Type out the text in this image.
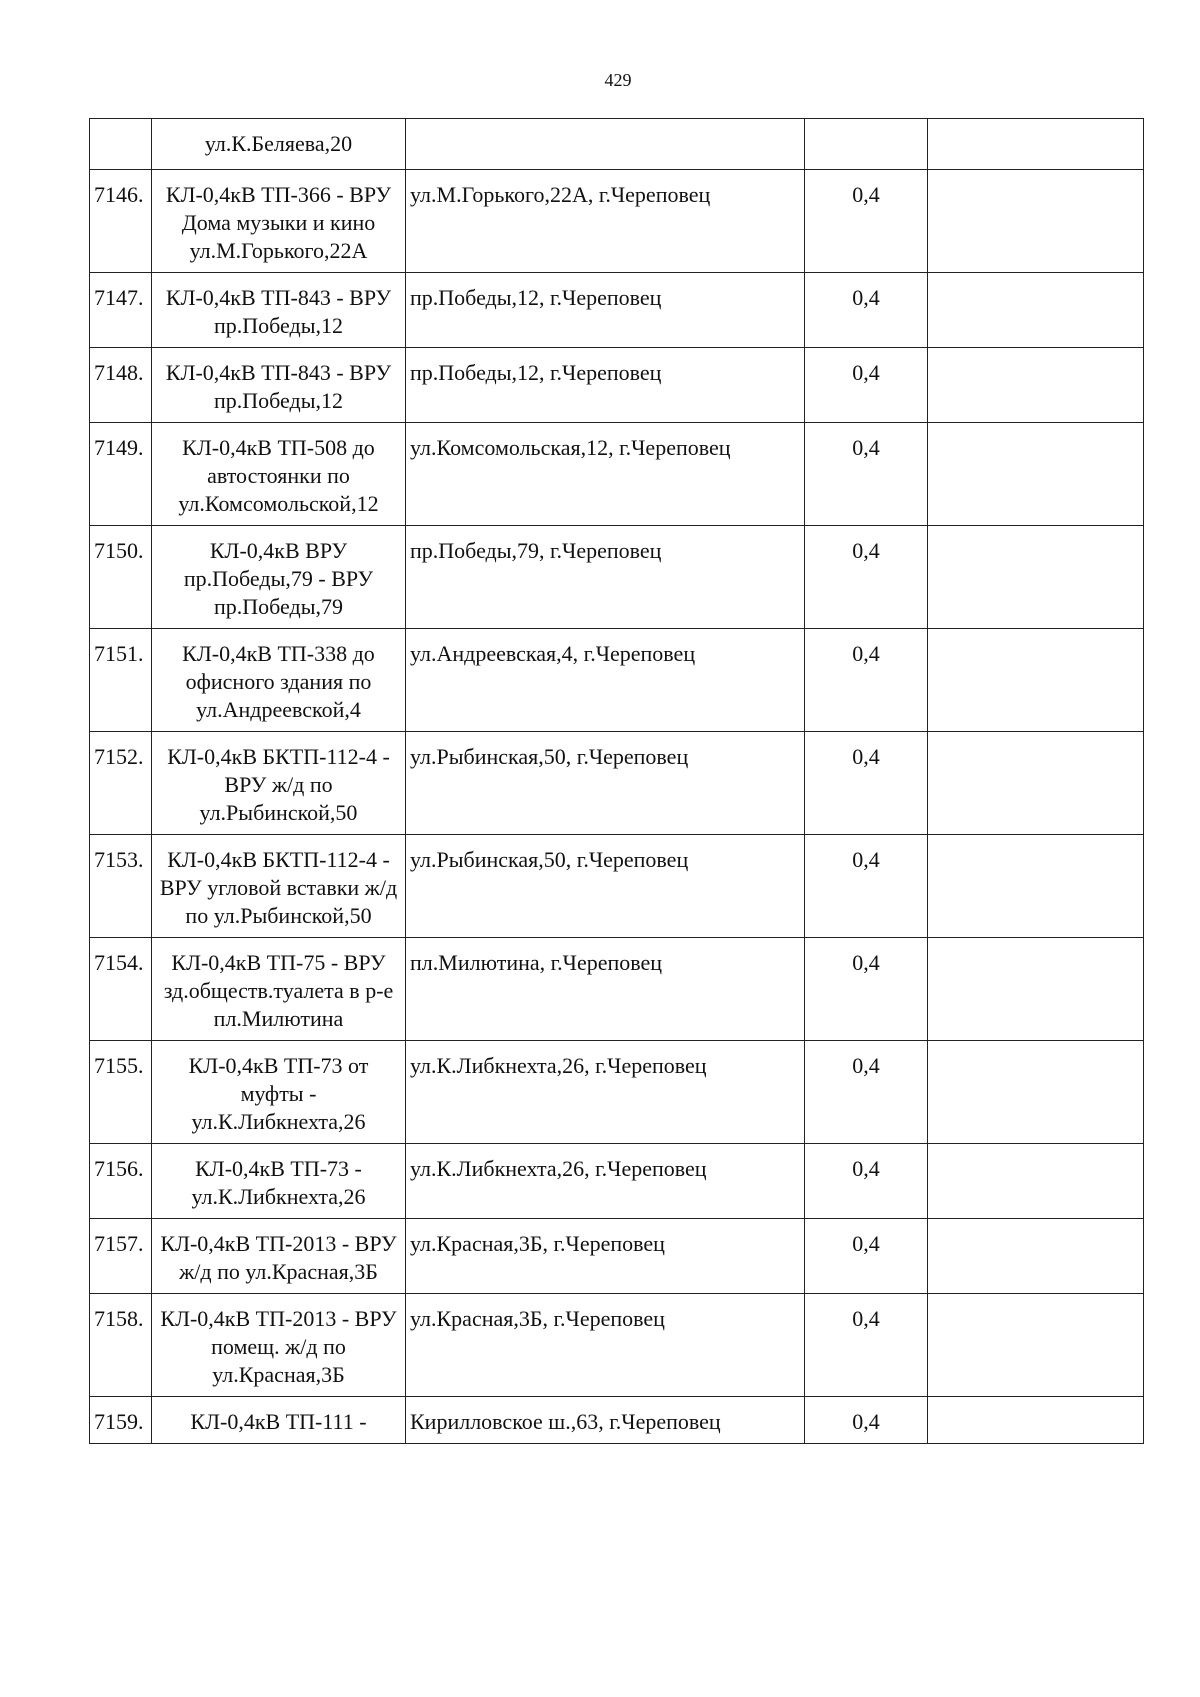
429
	ул.К.Беляева,20			
7146.	КЛ-0,4кВ ТП-366 - ВРУ Дома музыки и кино ул.М.Горького,22А	ул.М.Горького,22А, г.Череповец	0,4	
7147.	КЛ-0,4кВ ТП-843 - ВРУ пр.Победы,12	пр.Победы,12, г.Череповец	0,4	
7148.	КЛ-0,4кВ ТП-843 - ВРУ пр.Победы,12	пр.Победы,12, г.Череповец	0,4	
7149.	КЛ-0,4кВ ТП-508 до автостоянки по ул.Комсомольской,12	ул.Комсомольская,12, г.Череповец	0,4	
7150.	КЛ-0,4кВ ВРУ пр.Победы,79 - ВРУ пр.Победы,79	пр.Победы,79, г.Череповец	0,4	
7151.	КЛ-0,4кВ ТП-338 до офисного здания по ул.Андреевской,4	ул.Андреевская,4, г.Череповец	0,4	
7152.	КЛ-0,4кВ БКТП-112-4 - ВРУ ж/д по ул.Рыбинской,50	ул.Рыбинская,50, г.Череповец	0,4	
7153.	КЛ-0,4кВ БКТП-112-4 - ВРУ угловой вставки ж/д по ул.Рыбинской,50	ул.Рыбинская,50, г.Череповец	0,4	
7154.	КЛ-0,4кВ ТП-75 - ВРУ зд.обществ.туалета в р-е пл.Милютина	пл.Милютина, г.Череповец	0,4	
7155.	КЛ-0,4кВ ТП-73 от муфты - ул.К.Либкнехта,26	ул.К.Либкнехта,26, г.Череповец	0,4	
7156.	КЛ-0,4кВ ТП-73 - ул.К.Либкнехта,26	ул.К.Либкнехта,26, г.Череповец	0,4	
7157.	КЛ-0,4кВ ТП-2013 - ВРУ ж/д по ул.Красная,3Б	ул.Красная,3Б, г.Череповец	0,4	
7158.	КЛ-0,4кВ ТП-2013 - ВРУ помещ. ж/д по ул.Красная,3Б	ул.Красная,3Б, г.Череповец	0,4	
7159.	КЛ-0,4кВ ТП-111 -	Кирилловское ш.,63, г.Череповец	0,4	
